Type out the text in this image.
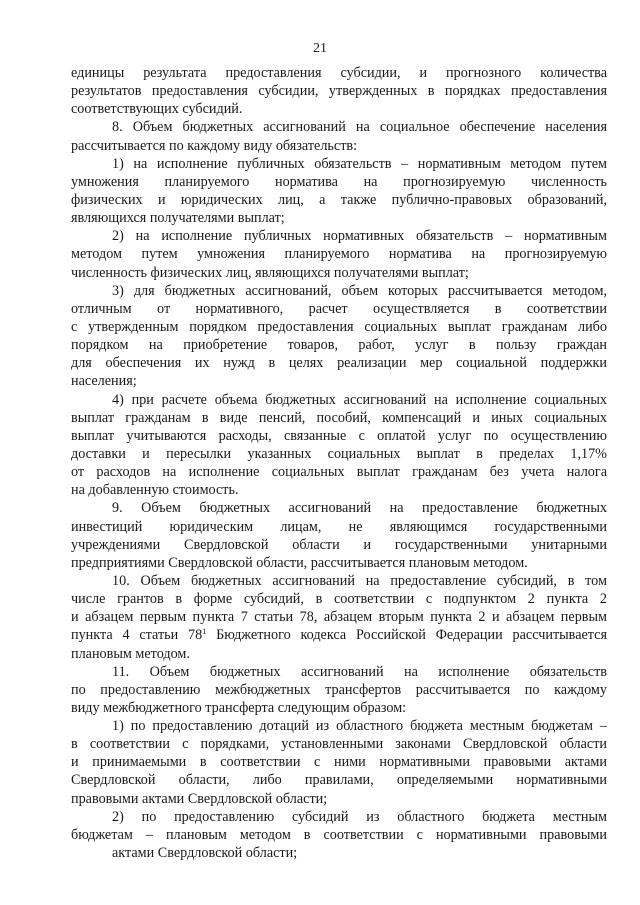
21
единицы результата предоставления субсидии, и прогнозного количества
результатов предоставления субсидии, утвержденных в порядках предоставления
соответствующих субсидий.
8. Объем бюджетных ассигнований на социальное обеспечение населения
рассчитывается по каждому виду обязательств:
1) на исполнение публичных обязательств – нормативным методом путем
умножения планируемого норматива на прогнозируемую численность
физических и юридических лиц, а также публично-правовых образований,
являющихся получателями выплат;
2) на исполнение публичных нормативных обязательств – нормативным
методом путем умножения планируемого норматива на прогнозируемую
численность физических лиц, являющихся получателями выплат;
3) для бюджетных ассигнований, объем которых рассчитывается методом,
отличным от нормативного, расчет осуществляется в соответствии
с утвержденным порядком предоставления социальных выплат гражданам либо
порядком на приобретение товаров, работ, услуг в пользу граждан
для обеспечения их нужд в целях реализации мер социальной поддержки
населения;
4) при расчете объема бюджетных ассигнований на исполнение социальных
выплат гражданам в виде пенсий, пособий, компенсаций и иных социальных
выплат учитываются расходы, связанные с оплатой услуг по осуществлению
доставки и пересылки указанных социальных выплат в пределах 1,17%
от расходов на исполнение социальных выплат гражданам без учета налога
на добавленную стоимость.
9. Объем бюджетных ассигнований на предоставление бюджетных
инвестиций юридическим лицам, не являющимся государственными
учреждениями Свердловской области и государственными унитарными
предприятиями Свердловской области, рассчитывается плановым методом.
10. Объем бюджетных ассигнований на предоставление субсидий, в том
числе грантов в форме субсидий, в соответствии с подпунктом 2 пункта 2
и абзацем первым пункта 7 статьи 78, абзацем вторым пункта 2 и абзацем первым
пункта 4 статьи $78^1$ Бюджетного кодекса Российской Федерации рассчитывается
плановым методом.
11. Объем бюджетных ассигнований на исполнение обязательств
по предоставлению межбюджетных трансфертов рассчитывается по каждому
виду межбюджетного трансферта следующим образом:
1) по предоставлению дотаций из областного бюджета местным бюджетам –
в соответствии с порядками, установленными законами Свердловской области
и принимаемыми в соответствии с ними нормативными правовыми актами
Свердловской области, либо правилами, определяемыми нормативными
правовыми актами Свердловской области;
2) по предоставлению субсидий из областного бюджета местным
бюджетам – плановым методом в соответствии с нормативными правовыми
актами Свердловской области;
